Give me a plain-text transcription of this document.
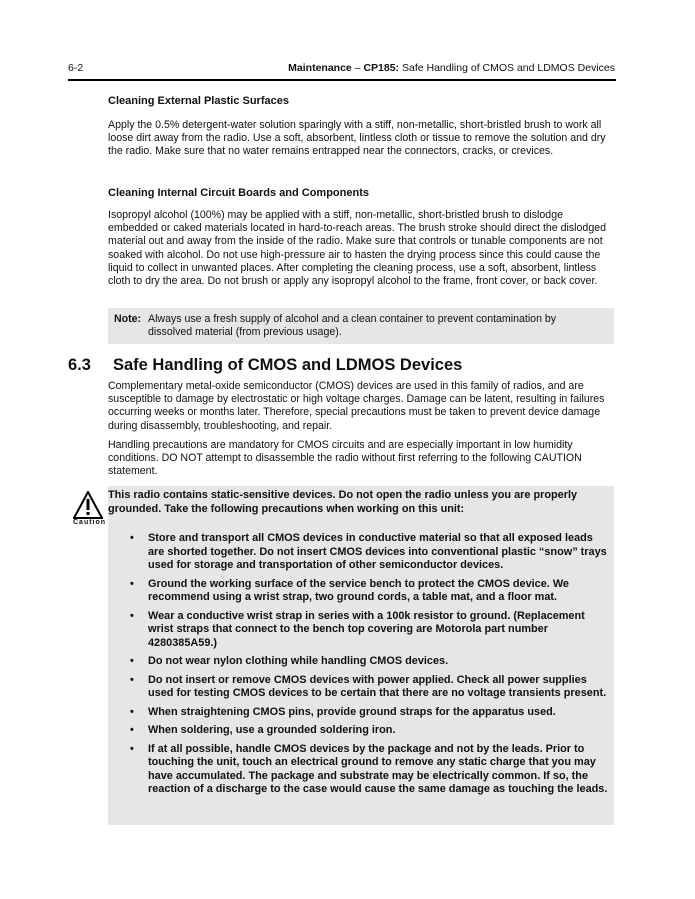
6-2	Maintenance – CP185: Safe Handling of CMOS and LDMOS Devices

Cleaning External Plastic Surfaces

Apply the 0.5% detergent-water solution sparingly with a stiff, non-metallic, short-bristled brush to work all loose dirt away from the radio. Use a soft, absorbent, lintless cloth or tissue to remove the solution and dry the radio. Make sure that no water remains entrapped near the connectors, cracks, or crevices.

Cleaning Internal Circuit Boards and Components

Isopropyl alcohol (100%) may be applied with a stiff, non-metallic, short-bristled brush to dislodge embedded or caked materials located in hard-to-reach areas. The brush stroke should direct the dislodged material out and away from the inside of the radio. Make sure that controls or tunable components are not soaked with alcohol. Do not use high-pressure air to hasten the drying process since this could cause the liquid to collect in unwanted places. After completing the cleaning process, use a soft, absorbent, lintless cloth to dry the area. Do not brush or apply any isopropyl alcohol to the frame, front cover, or back cover.

Note: Always use a fresh supply of alcohol and a clean container to prevent contamination by dissolved material (from previous usage).
6.3 Safe Handling of CMOS and LDMOS Devices

Complementary metal-oxide semiconductor (CMOS) devices are used in this family of radios, and are susceptible to damage by electrostatic or high voltage charges. Damage can be latent, resulting in failures occurring weeks or months later. Therefore, special precautions must be taken to prevent device damage during disassembly, troubleshooting, and repair.

Handling precautions are mandatory for CMOS circuits and are especially important in low humidity conditions. DO NOT attempt to disassemble the radio without first referring to the following CAUTION statement.

Caution
This radio contains static-sensitive devices. Do not open the radio unless you are properly grounded. Take the following precautions when working on this unit:
• Store and transport all CMOS devices in conductive material so that all exposed leads are shorted together. Do not insert CMOS devices into conventional plastic “snow” trays used for storage and transportation of other semiconductor devices.
• Ground the working surface of the service bench to protect the CMOS device. We recommend using a wrist strap, two ground cords, a table mat, and a floor mat.
• Wear a conductive wrist strap in series with a 100k resistor to ground. (Replacement wrist straps that connect to the bench top covering are Motorola part number 4280385A59.)
• Do not wear nylon clothing while handling CMOS devices.
• Do not insert or remove CMOS devices with power applied. Check all power supplies used for testing CMOS devices to be certain that there are no voltage transients present.
• When straightening CMOS pins, provide ground straps for the apparatus used.
• When soldering, use a grounded soldering iron.
• If at all possible, handle CMOS devices by the package and not by the leads. Prior to touching the unit, touch an electrical ground to remove any static charge that you may have accumulated. The package and substrate may be electrically common. If so, the reaction of a discharge to the case would cause the same damage as touching the leads.
